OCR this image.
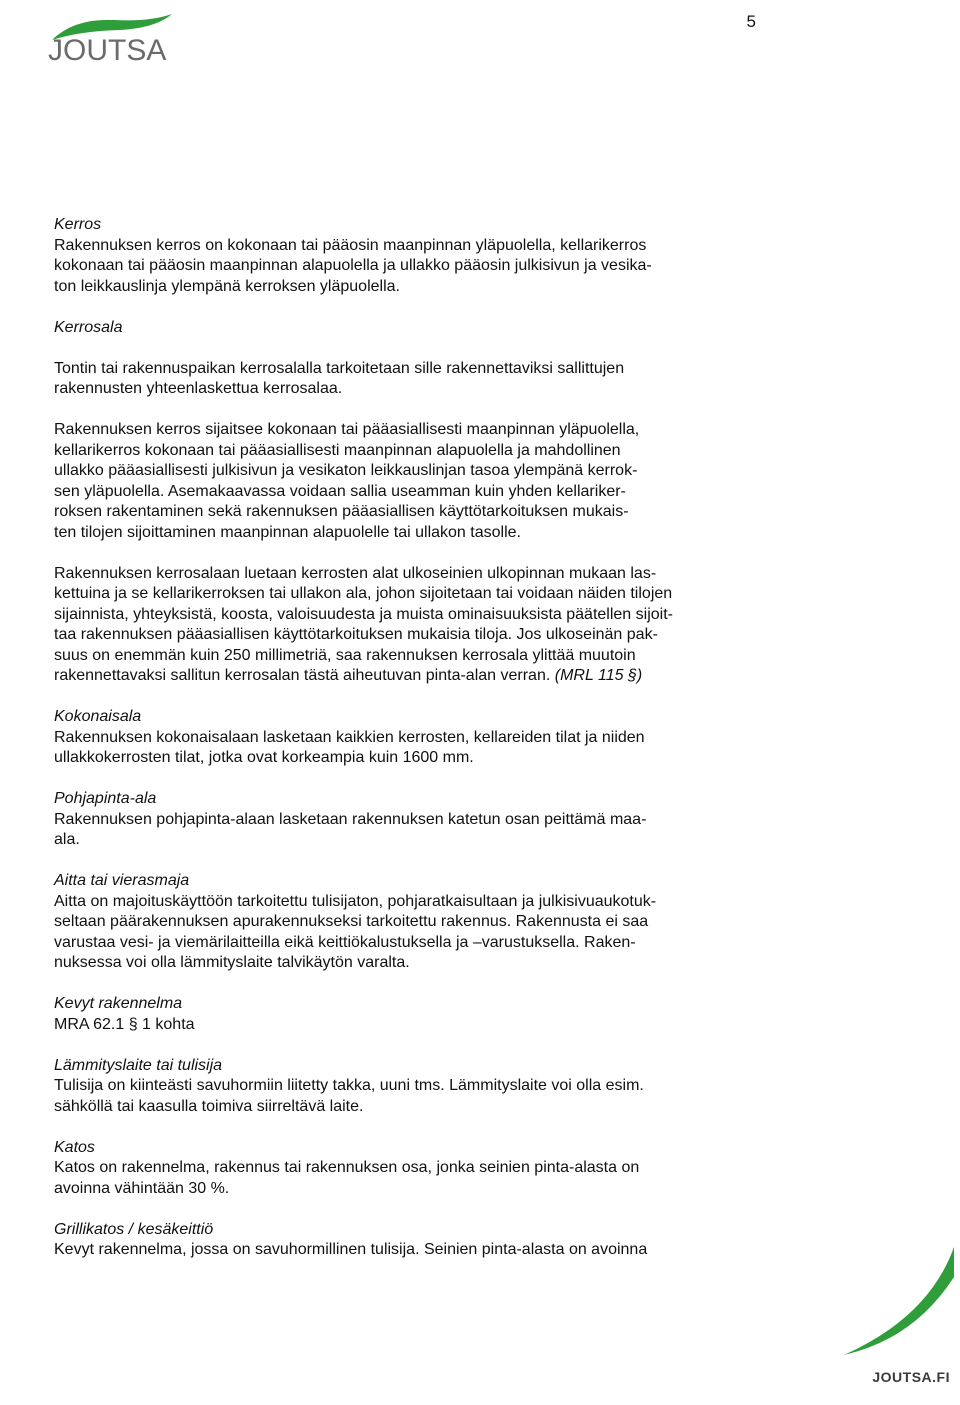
JOUTSA
5
Kerros
Rakennuksen kerros on kokonaan tai pääosin maanpinnan yläpuolella, kellarikerros
kokonaan tai pääosin maanpinnan alapuolella ja ullakko pääosin julkisivun ja vesika-
ton leikkauslinja ylempänä kerroksen yläpuolella.
Kerrosala
Tontin tai rakennuspaikan kerrosalalla tarkoitetaan sille rakennettaviksi sallittujen
rakennusten yhteenlaskettua kerrosalaa.
Rakennuksen kerros sijaitsee kokonaan tai pääasiallisesti maanpinnan yläpuolella,
kellarikerros kokonaan tai pääasiallisesti maanpinnan alapuolella ja mahdollinen
ullakko pääasiallisesti julkisivun ja vesikaton leikkauslinjan tasoa ylempänä kerrok-
sen yläpuolella. Asemakaavassa voidaan sallia useamman kuin yhden kellariker-
roksen rakentaminen sekä rakennuksen pääasiallisen käyttötarkoituksen mukais-
ten tilojen sijoittaminen maanpinnan alapuolelle tai ullakon tasolle.
Rakennuksen kerrosalaan luetaan kerrosten alat ulkoseinien ulkopinnan mukaan las-
kettuina ja se kellarikerroksen tai ullakon ala, johon sijoitetaan tai voidaan näiden tilojen
sijainnista, yhteyksistä, koosta, valoisuudesta ja muista ominaisuuksista päätellen sijoit-
taa rakennuksen pääasiallisen käyttötarkoituksen mukaisia tiloja. Jos ulkoseinän pak-
suus on enemmän kuin 250 millimetriä, saa rakennuksen kerrosala ylittää muutoin
rakennettavaksi sallitun kerrosalan tästä aiheutuvan pinta-alan verran. (MRL 115 §)
Kokonaisala
Rakennuksen kokonaisalaan lasketaan kaikkien kerrosten, kellareiden tilat ja niiden
ullakkokerrosten tilat, jotka ovat korkeampia kuin 1600 mm.
Pohjapinta-ala
Rakennuksen pohjapinta-alaan lasketaan rakennuksen katetun osan peittämä maa-
ala.
Aitta tai vierasmaja
Aitta on majoituskäyttöön tarkoitettu tulisijaton, pohjaratkaisultaan ja julkisivuaukotuk-
seltaan päärakennuksen apurakennukseksi tarkoitettu rakennus. Rakennusta ei saa
varustaa vesi- ja viemärilaitteilla eikä keittiökalustuksella ja –varustuksella. Raken-
nuksessa voi olla lämmityslaite talvikäytön varalta.
Kevyt rakennelma
MRA 62.1 § 1 kohta
Lämmityslaite tai tulisija
Tulisija on kiinteästi savuhormiin liitetty takka, uuni tms. Lämmityslaite voi olla esim.
sähköllä tai kaasulla toimiva siirreltävä laite.
Katos
Katos on rakennelma, rakennus tai rakennuksen osa, jonka seinien pinta-alasta on
avoinna vähintään 30 %.
Grillikatos / kesäkeittiö
Kevyt rakennelma, jossa on savuhormillinen tulisija. Seinien pinta-alasta on avoinna
JOUTSA.FI
